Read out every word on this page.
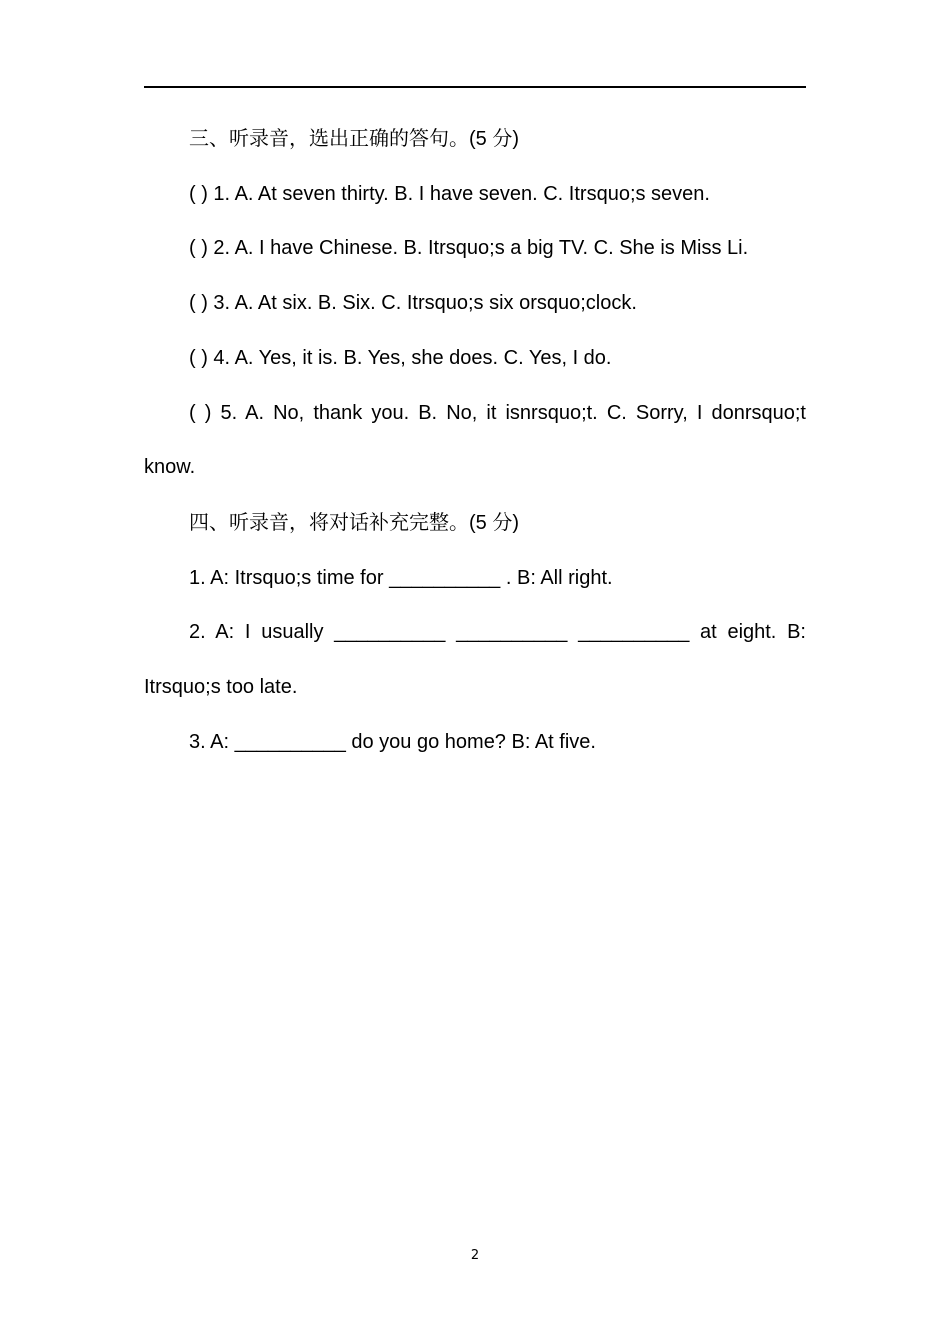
三、听录音，选出正确的答句。(5 分)

( ) 1. A. At seven thirty. B. I have seven. C. Itrsquo;s seven.

( ) 2. A. I have Chinese. B. Itrsquo;s a big TV. C. She is Miss Li.

( ) 3. A. At six. B. Six. C. Itrsquo;s six orsquo;clock.

( ) 4. A. Yes, it is. B. Yes, she does. C. Yes, I do.

( ) 5. A. No, thank you. B. No, it isnrsquo;t. C. Sorry, I donrsquo;t

know.

四、听录音，将对话补充完整。(5 分)

1. A: Itrsquo;s time for __________ . B: All right.

2. A: I usually __________ __________ __________ at eight. B:

Itrsquo;s too late.

3. A: __________ do you go home? B: At five.

2
